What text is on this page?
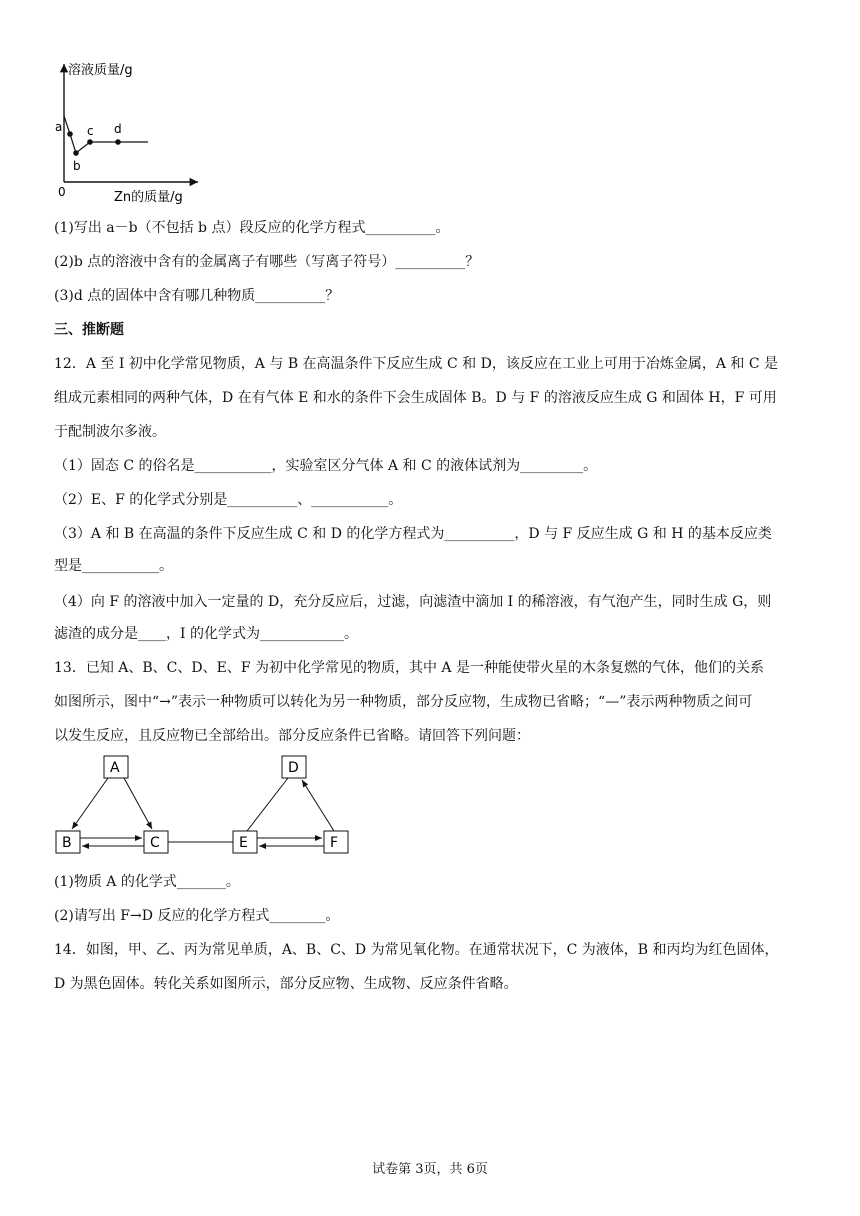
溶液质量/g
Zn的质量/g
0
a
b
c d
(1)写出 a－b（不包括 b 点）段反应的化学方程式__________。
(2)b 点的溶液中含有的金属离子有哪些（写离子符号）__________？
(3)d 点的固体中含有哪几种物质__________？
三、推断题
12．A 至 I 初中化学常见物质，A 与 B 在高温条件下反应生成 C 和 D，该反应在工业上可用于冶炼金属，A 和 C 是
组成元素相同的两种气体，D 在有气体 E 和水的条件下会生成固体 B。D 与 F 的溶液反应生成 G 和固体 H，F 可用
于配制波尔多液。
（1）固态 C 的俗名是___________，实验室区分气体 A 和 C 的液体试剂为_________。
（2）E、F 的化学式分别是__________、___________。
（3）A 和 B 在高温的条件下反应生成 C 和 D 的化学方程式为__________，D 与 F 反应生成 G 和 H 的基本反应类
型是___________。
（4）向 F 的溶液中加入一定量的 D，充分反应后，过滤，向滤渣中滴加 I 的稀溶液，有气泡产生，同时生成 G，则
滤渣的成分是____，I 的化学式为____________。
13．已知 A、B、C、D、E、F 为初中化学常见的物质，其中 A 是一种能使带火星的木条复燃的气体，他们的关系
如图所示，图中“→”表示一种物质可以转化为另一种物质，部分反应物，生成物已省略；“—”表示两种物质之间可
以发生反应，且反应物已全部给出。部分反应条件已省略。请回答下列问题：
A
B	C
D
E	F
(1)物质 A 的化学式_______。
(2)请写出 F→D 反应的化学方程式________。
14．如图，甲、乙、丙为常见单质，A、B、C、D 为常见氧化物。在通常状况下，C 为液体，B 和丙均为红色固体，
D 为黑色固体。转化关系如图所示，部分反应物、生成物、反应条件省略。
试卷第 3页，共 6页
